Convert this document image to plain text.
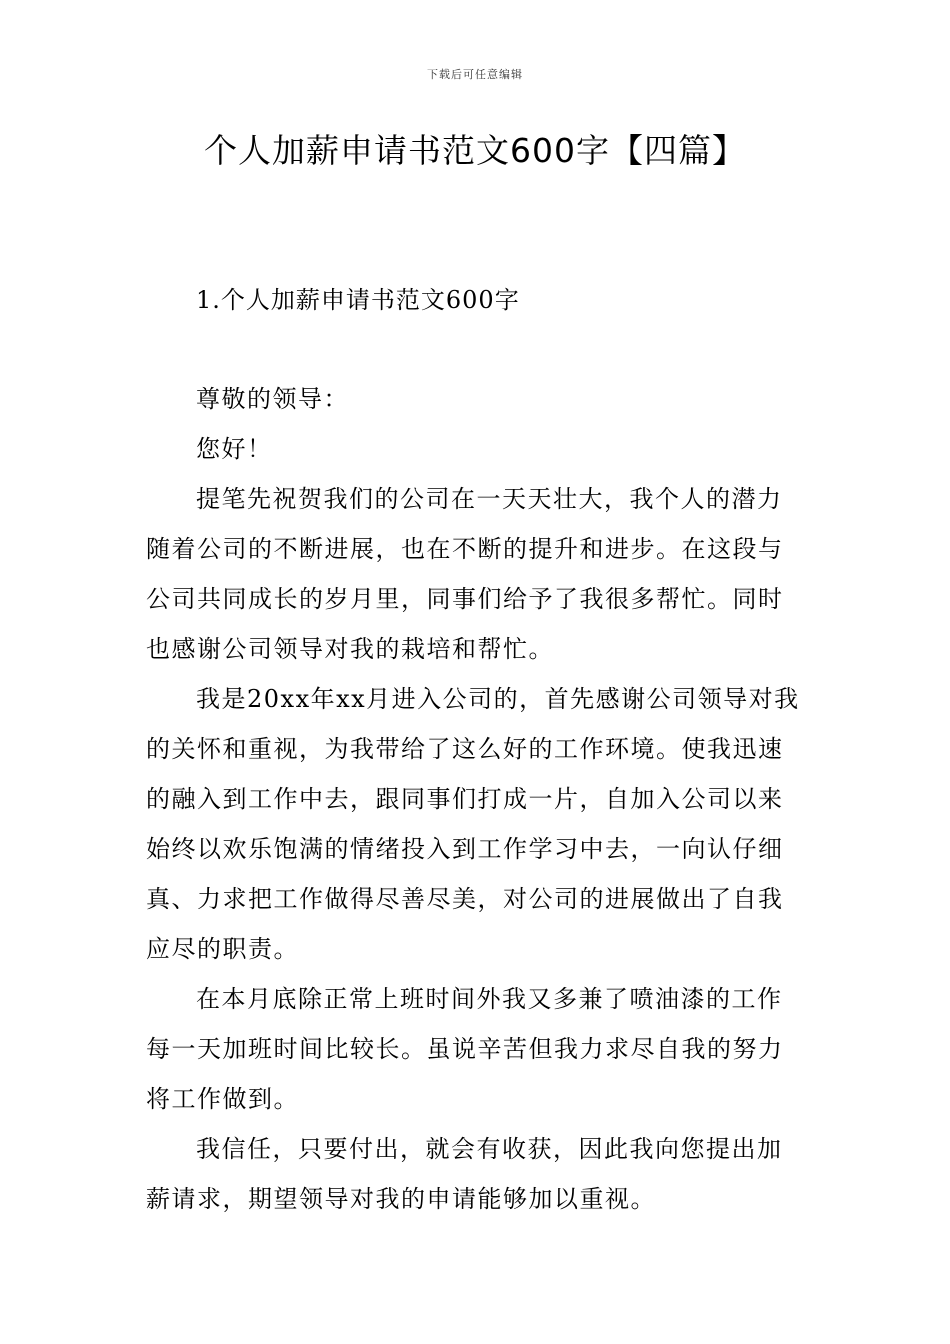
下载后可任意编辑
个人加薪申请书范文600字【四篇】
1.个人加薪申请书范文600字
尊敬的领导：
您好！
提笔先祝贺我们的公司在一天天壮大，我个人的潜力
随着公司的不断进展，也在不断的提升和进步。在这段与
公司共同成长的岁月里，同事们给予了我很多帮忙。同时
也感谢公司领导对我的栽培和帮忙。
我是20xx年xx月进入公司的，首先感谢公司领导对我
的关怀和重视，为我带给了这么好的工作环境。使我迅速
的融入到工作中去，跟同事们打成一片，自加入公司以来
始终以欢乐饱满的情绪投入到工作学习中去，一向认仔细
真、力求把工作做得尽善尽美，对公司的进展做出了自我
应尽的职责。
在本月底除正常上班时间外我又多兼了喷油漆的工作
每一天加班时间比较长。虽说辛苦但我力求尽自我的努力
将工作做到。
我信任，只要付出，就会有收获，因此我向您提出加
薪请求，期望领导对我的申请能够加以重视。
